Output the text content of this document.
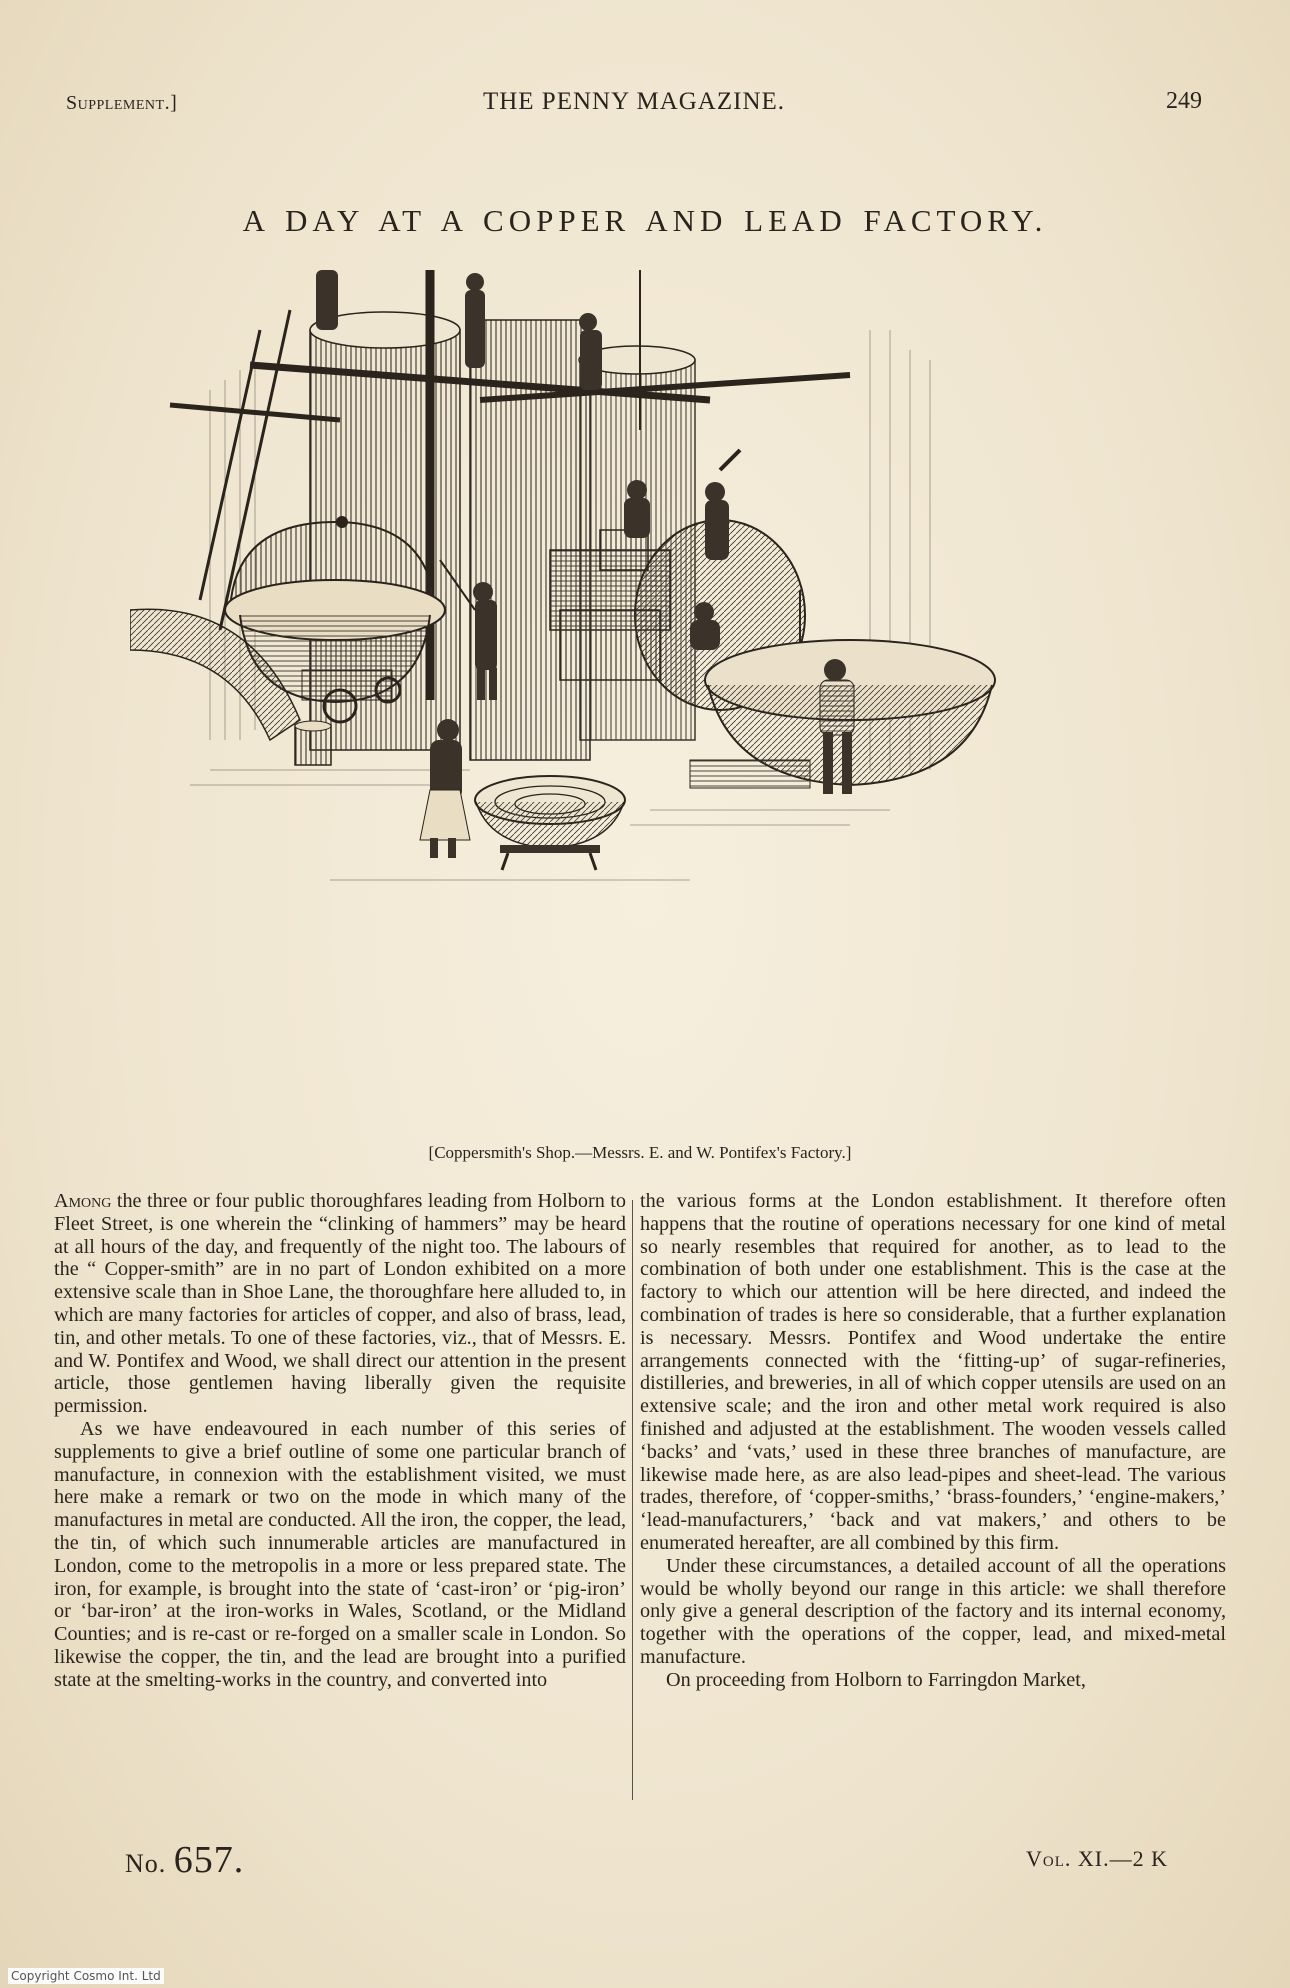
Supplement.]	THE PENNY MAGAZINE.	249
A DAY AT A COPPER AND LEAD FACTORY.
[Coppersmith's Shop.—Messrs. E. and W. Pontifex's Factory.]

Among the three or four public thoroughfares leading from Holborn to Fleet Street, is one wherein the “clinking of hammers” may be heard at all hours of the day, and frequently of the night too. The labours of the “ Copper-smith” are in no part of London exhibited on a more extensive scale than in Shoe Lane, the thoroughfare here alluded to, in which are many factories for articles of copper, and also of brass, lead, tin, and other metals. To one of these factories, viz., that of Messrs. E. and W. Pontifex and Wood, we shall direct our attention in the present article, those gentlemen having liberally given the requisite permission.

As we have endeavoured in each number of this series of supplements to give a brief outline of some one particular branch of manufacture, in connexion with the establishment visited, we must here make a remark or two on the mode in which many of the manufactures in metal are conducted. All the iron, the copper, the lead, the tin, of which such innumerable articles are manufactured in London, come to the metropolis in a more or less prepared state. The iron, for example, is brought into the state of ‘cast-iron’ or ‘pig-iron’ or ‘bar-iron’ at the iron-works in Wales, Scotland, or the Midland Counties; and is re-cast or re-forged on a smaller scale in London. So likewise the copper, the tin, and the lead are brought into a purified state at the smelting-works in the country, and converted into

the various forms at the London establishment. It therefore often happens that the routine of operations necessary for one kind of metal so nearly resembles that required for another, as to lead to the combination of both under one establishment. This is the case at the factory to which our attention will be here directed, and indeed the combination of trades is here so considerable, that a further explanation is necessary. Messrs. Pontifex and Wood undertake the entire arrangements connected with the ‘fitting-up’ of sugar-refineries, distilleries, and breweries, in all of which copper utensils are used on an extensive scale; and the iron and other metal work required is also finished and adjusted at the establishment. The wooden vessels called ‘backs’ and ‘vats,’ used in these three branches of manufacture, are likewise made here, as are also lead-pipes and sheet-lead. The various trades, therefore, of ‘copper-smiths,’ ‘brass-founders,’ ‘engine-makers,’ ‘lead-manufacturers,’ ‘back and vat makers,’ and others to be enumerated hereafter, are all combined by this firm.

Under these circumstances, a detailed account of all the operations would be wholly beyond our range in this article: we shall therefore only give a general description of the factory and its internal economy, together with the operations of the copper, lead, and mixed-metal manufacture.

On proceeding from Holborn to Farringdon Market,

No. 657.	Vol. XI.—2 K
Copyright Cosmo Int. Ltd
